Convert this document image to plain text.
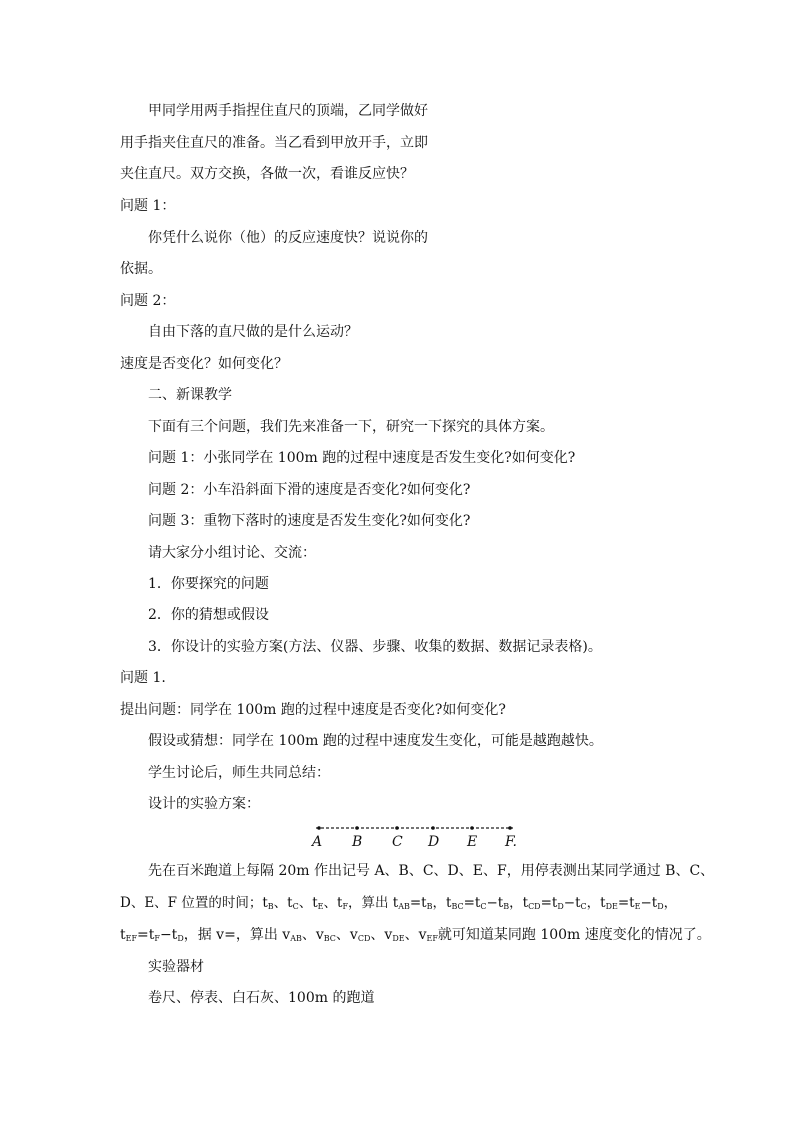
甲同学用两手指捏住直尺的顶端，乙同学做好
用手指夹住直尺的准备。当乙看到甲放开手，立即
夹住直尺。双方交换，各做一次，看谁反应快？
问题 1：
你凭什么说你（他）的反应速度快？说说你的
依据。
问题 2：
自由下落的直尺做的是什么运动？
速度是否变化？如何变化？
二、新课教学
下面有三个问题，我们先来准备一下，研究一下探究的具体方案。
问题 1：小张同学在 100m 跑的过程中速度是否发生变化?如何变化?
问题 2：小车沿斜面下滑的速度是否变化?如何变化?
问题 3：重物下落时的速度是否发生变化?如何变化?
请大家分小组讨论、交流：
1．你要探究的问题
2．你的猜想或假设
3．你设计的实验方案(方法、仪器、步骤、收集的数据、数据记录表格)。
问题 1.
提出问题：同学在 100m 跑的过程中速度是否变化?如何变化?
假设或猜想：同学在 100m 跑的过程中速度发生变化，可能是越跑越快。
学生讨论后，师生共同总结：
设计的实验方案：
A B C D E F.
先在百米跑道上每隔 20m 作出记号 A、B、C、D、E、F，用停表测出某同学通过 B、C、
D、E、F 位置的时间；$t_B$、$t_C$、$t_E$、$t_F$，算出 $t_{AB}=t_B$，$t_{BC}=t_C-t_B$，$t_{CD}=t_D-t_C$，$t_{DE}=t_E-t_D$，
$t_{EF}=t_F-t_D$，据 v=，算出 $v_{AB}$、$v_{BC}$、$v_{CD}$、$v_{DE}$、$v_{EF}$就可知道某同跑 100m 速度变化的情况了。
实验器材
卷尺、停表、白石灰、100m 的跑道
